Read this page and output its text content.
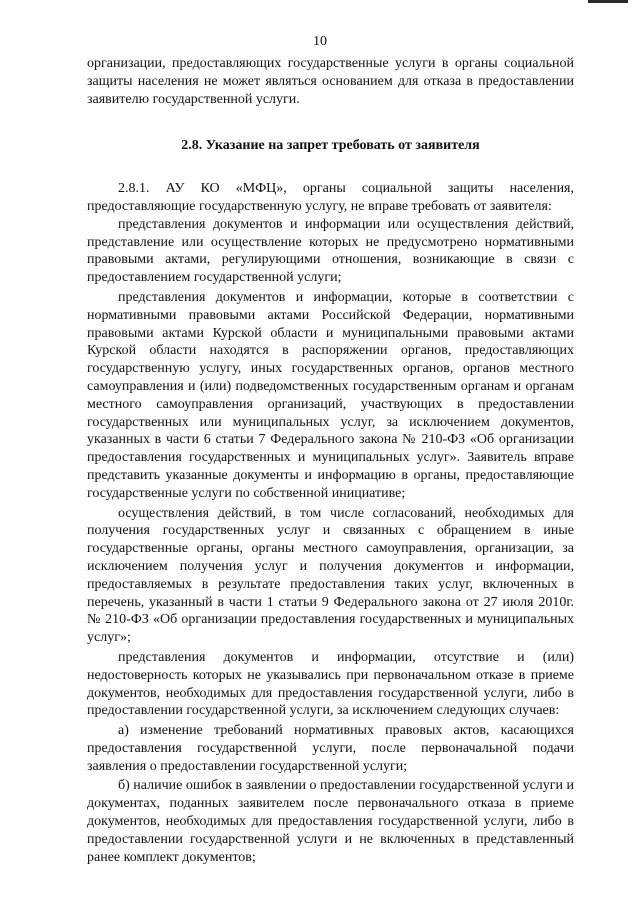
10

организации, предоставляющих государственные услуги в органы социальной защиты населения не может являться основанием для отказа в предоставлении заявителю государственной услуги.

2.8. Указание на запрет требовать от заявителя

2.8.1. АУ КО «МФЦ», органы социальной защиты населения, предоставляющие государственную услугу, не вправе требовать от заявителя:

представления документов и информации или осуществления действий, представление или осуществление которых не предусмотрено нормативными правовыми актами, регулирующими отношения, возникающие в связи с предоставлением государственной услуги;

представления документов и информации, которые в соответствии с нормативными правовыми актами Российской Федерации, нормативными правовыми актами Курской области и муниципальными правовыми актами Курской области находятся в распоряжении органов, предоставляющих государственную услугу, иных государственных органов, органов местного самоуправления и (или) подведомственных государственным органам и органам местного самоуправления организаций, участвующих в предоставлении государственных или муниципальных услуг, за исключением документов, указанных в части 6 статьи 7 Федерального закона № 210-ФЗ «Об организации предоставления государственных и муниципальных услуг». Заявитель вправе представить указанные документы и информацию в органы, предоставляющие государственные услуги по собственной инициативе;

осуществления действий, в том числе согласований, необходимых для получения государственных услуг и связанных с обращением в иные государственные органы, органы местного самоуправления, организации, за исключением получения услуг и получения документов и информации, предоставляемых в результате предоставления таких услуг, включенных в перечень, указанный в части 1 статьи 9 Федерального закона от 27 июля 2010г. № 210-ФЗ «Об организации предоставления государственных и муниципальных услуг»;

представления документов и информации, отсутствие и (или) недостоверность которых не указывались при первоначальном отказе в приеме документов, необходимых для предоставления государственной услуги, либо в предоставлении государственной услуги, за исключением следующих случаев:

а) изменение требований нормативных правовых актов, касающихся предоставления государственной услуги, после первоначальной подачи заявления о предоставлении государственной услуги;

б) наличие ошибок в заявлении о предоставлении государственной услуги и документах, поданных заявителем после первоначального отказа в приеме документов, необходимых для предоставления государственной услуги, либо в предоставлении государственной услуги и не включенных в представленный ранее комплект документов;
